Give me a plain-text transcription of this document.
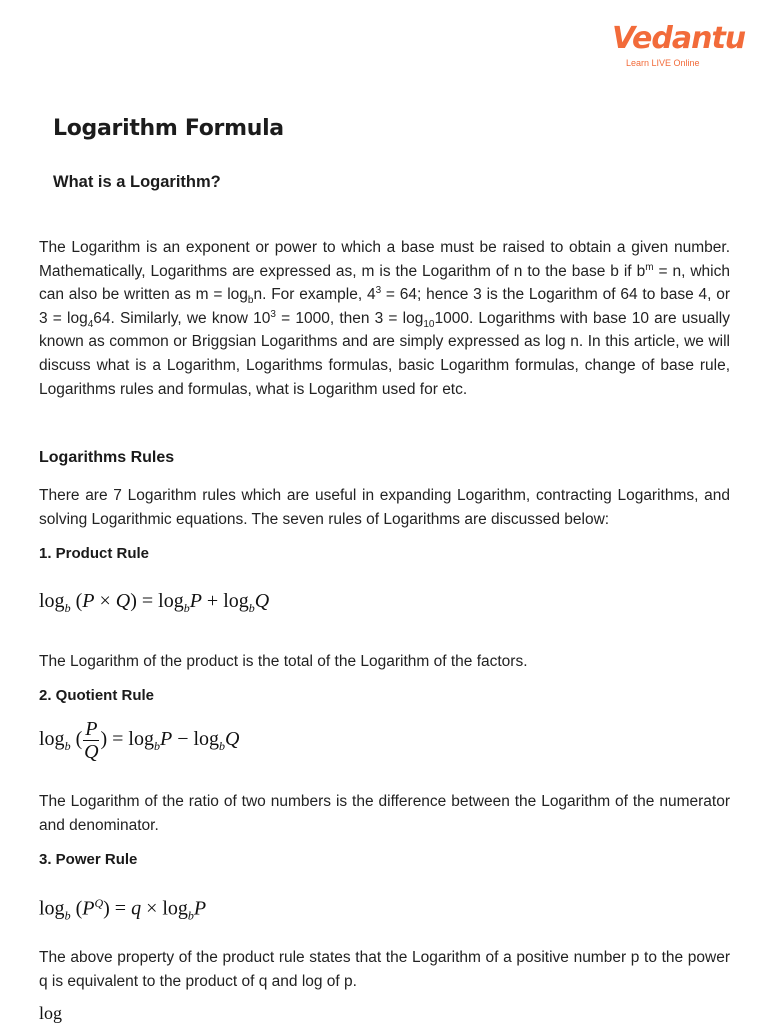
Vedantu
Learn LIVE Online
Logarithm Formula
What is a Logarithm?

The Logarithm is an exponent or power to which a base must be raised to obtain a given number. Mathematically, Logarithms are expressed as, m is the Logarithm of n to the base b if $b^m = n$, which can also be written as $m = \log_bn$. For example, $4^3 = 64$; hence 3 is the Logarithm of 64 to base 4, or $3 = \log_464$. Similarly, we know $10^3 = 1000$, then $3 = \log_{10}1000$. Logarithms with base 10 are usually known as common or Briggsian Logarithms and are simply expressed as log n. In this article, we will discuss what is a Logarithm, Logarithms formulas, basic Logarithm formulas, change of base rule, Logarithms rules and formulas, what is Logarithm used for etc.

Logarithms Rules

There are 7 Logarithm rules which are useful in expanding Logarithm, contracting Logarithms, and solving Logarithmic equations. The seven rules of Logarithms are discussed below:

1. Product Rule
$\log_b (P \times Q) = \log_bP + \log_bQ$

The Logarithm of the product is the total of the Logarithm of the factors.

2. Quotient Rule
$\log_b$ ( $\frac{P}{Q}$ ) = $\log_bP - \log_bQ$

The Logarithm of the ratio of two numbers is the difference between the Logarithm of the numerator and denominator.

3. Power Rule
$\log_b (P^Q) = q \times \log_bP$

The above property of the product rule states that the Logarithm of a positive number p to the power q is equivalent to the product of q and log of p.

log
